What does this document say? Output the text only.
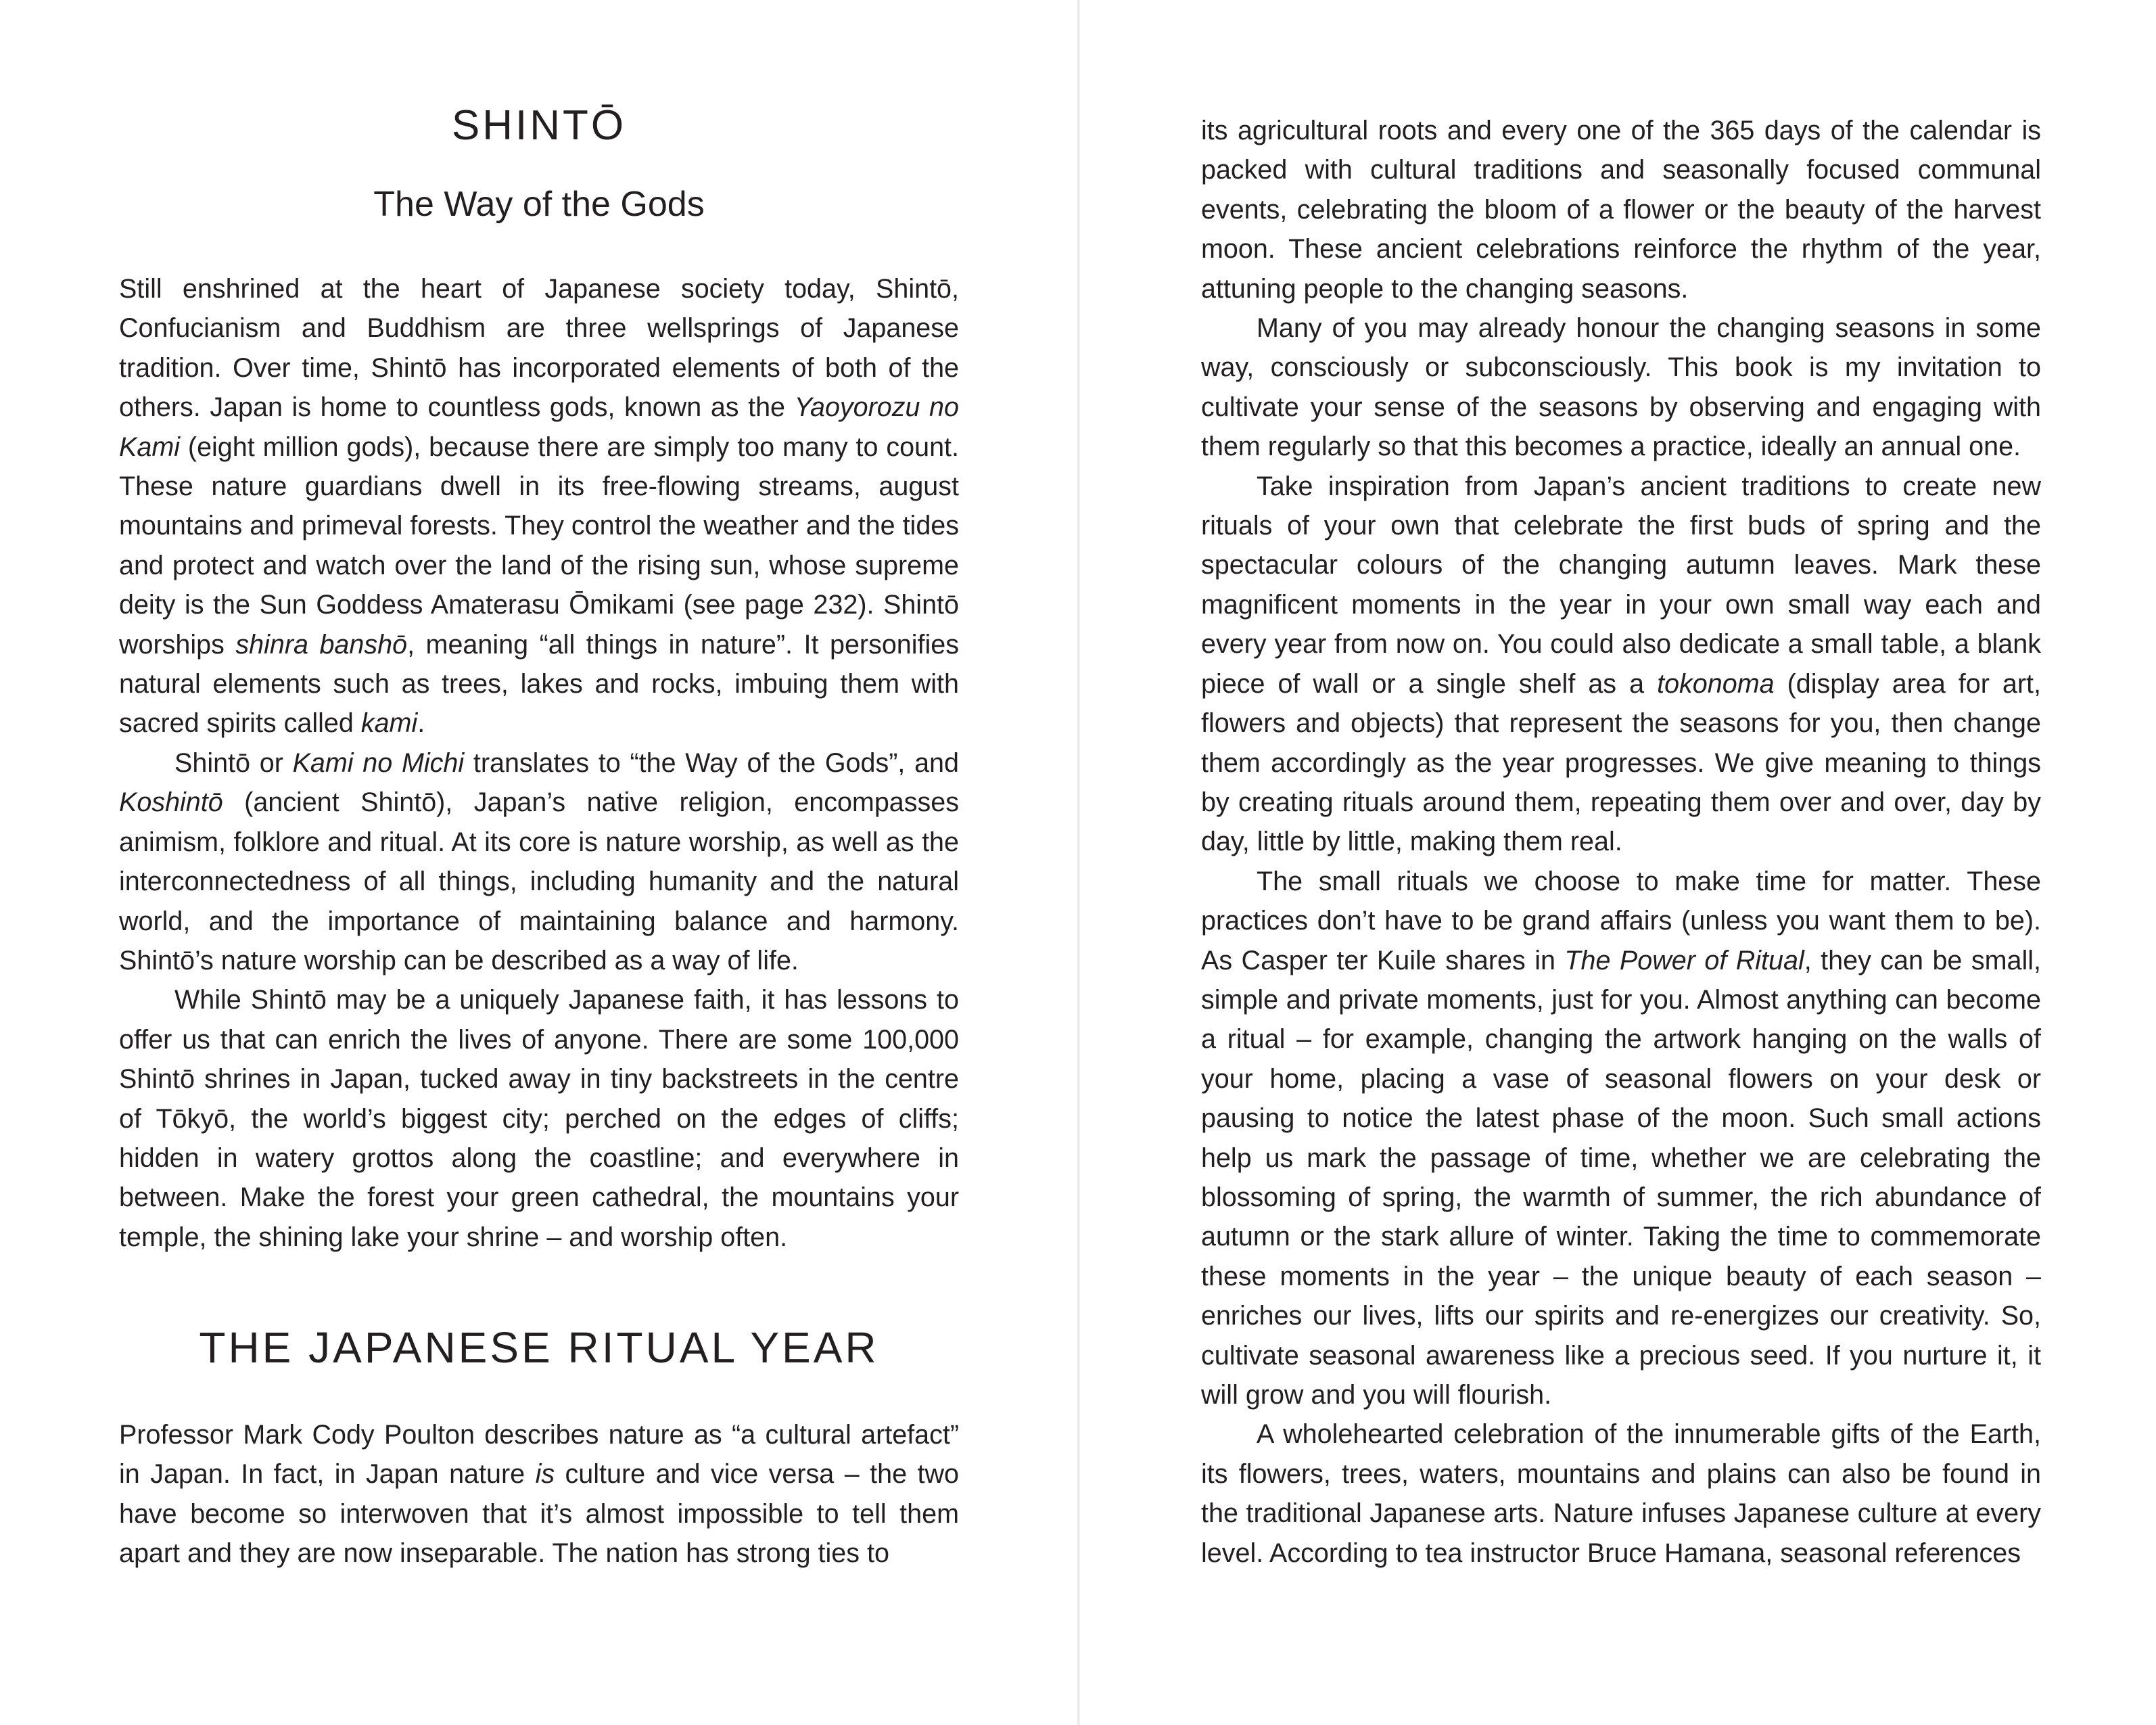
SHINTŌ
The Way of the Gods

Still enshrined at the heart of Japanese society today, Shintō, Confucianism and Buddhism are three wellsprings of Japanese tradition. Over time, Shintō has incorporated elements of both of the others. Japan is home to countless gods, known as the Yaoyorozu no Kami (eight million gods), because there are simply too many to count. These nature guardians dwell in its free-flowing streams, august mountains and primeval forests. They control the weather and the tides and protect and watch over the land of the rising sun, whose supreme deity is the Sun Goddess Amaterasu Ōmikami (see page 232). Shintō worships shinra banshō, meaning “all things in nature”. It personifies natural elements such as trees, lakes and rocks, imbuing them with sacred spirits called kami.

Shintō or Kami no Michi translates to “the Way of the Gods”, and Koshintō (ancient Shintō), Japan’s native religion, encompasses animism, folklore and ritual. At its core is nature worship, as well as the interconnectedness of all things, including humanity and the natural world, and the importance of maintaining balance and harmony. Shintō’s nature worship can be described as a way of life.

While Shintō may be a uniquely Japanese faith, it has lessons to offer us that can enrich the lives of anyone. There are some 100,000 Shintō shrines in Japan, tucked away in tiny backstreets in the centre of Tōkyō, the world’s biggest city; perched on the edges of cliffs; hidden in watery grottos along the coastline; and everywhere in between. Make the forest your green cathedral, the mountains your temple, the shining lake your shrine – and worship often.

THE JAPANESE RITUAL YEAR

Professor Mark Cody Poulton describes nature as “a cultural artefact” in Japan. In fact, in Japan nature is culture and vice versa – the two have become so interwoven that it’s almost impossible to tell them apart and they are now inseparable. The nation has strong ties to

its agricultural roots and every one of the 365 days of the calendar is packed with cultural traditions and seasonally focused communal events, celebrating the bloom of a flower or the beauty of the harvest moon. These ancient celebrations reinforce the rhythm of the year, attuning people to the changing seasons.

Many of you may already honour the changing seasons in some way, consciously or subconsciously. This book is my invitation to cultivate your sense of the seasons by observing and engaging with them regularly so that this becomes a practice, ideally an annual one.

Take inspiration from Japan’s ancient traditions to create new rituals of your own that celebrate the first buds of spring and the spectacular colours of the changing autumn leaves. Mark these magnificent moments in the year in your own small way each and every year from now on. You could also dedicate a small table, a blank piece of wall or a single shelf as a tokonoma (display area for art, flowers and objects) that represent the seasons for you, then change them accordingly as the year progresses. We give meaning to things by creating rituals around them, repeating them over and over, day by day, little by little, making them real.

The small rituals we choose to make time for matter. These practices don’t have to be grand affairs (unless you want them to be). As Casper ter Kuile shares in The Power of Ritual, they can be small, simple and private moments, just for you. Almost anything can become a ritual – for example, changing the artwork hanging on the walls of your home, placing a vase of seasonal flowers on your desk or pausing to notice the latest phase of the moon. Such small actions help us mark the passage of time, whether we are celebrating the blossoming of spring, the warmth of summer, the rich abundance of autumn or the stark allure of winter. Taking the time to commemorate these moments in the year – the unique beauty of each season – enriches our lives, lifts our spirits and re-energizes our creativity. So, cultivate seasonal awareness like a precious seed. If you nurture it, it will grow and you will flourish.

A wholehearted celebration of the innumerable gifts of the Earth, its flowers, trees, waters, mountains and plains can also be found in the traditional Japanese arts. Nature infuses Japanese culture at every level. According to tea instructor Bruce Hamana, seasonal references
